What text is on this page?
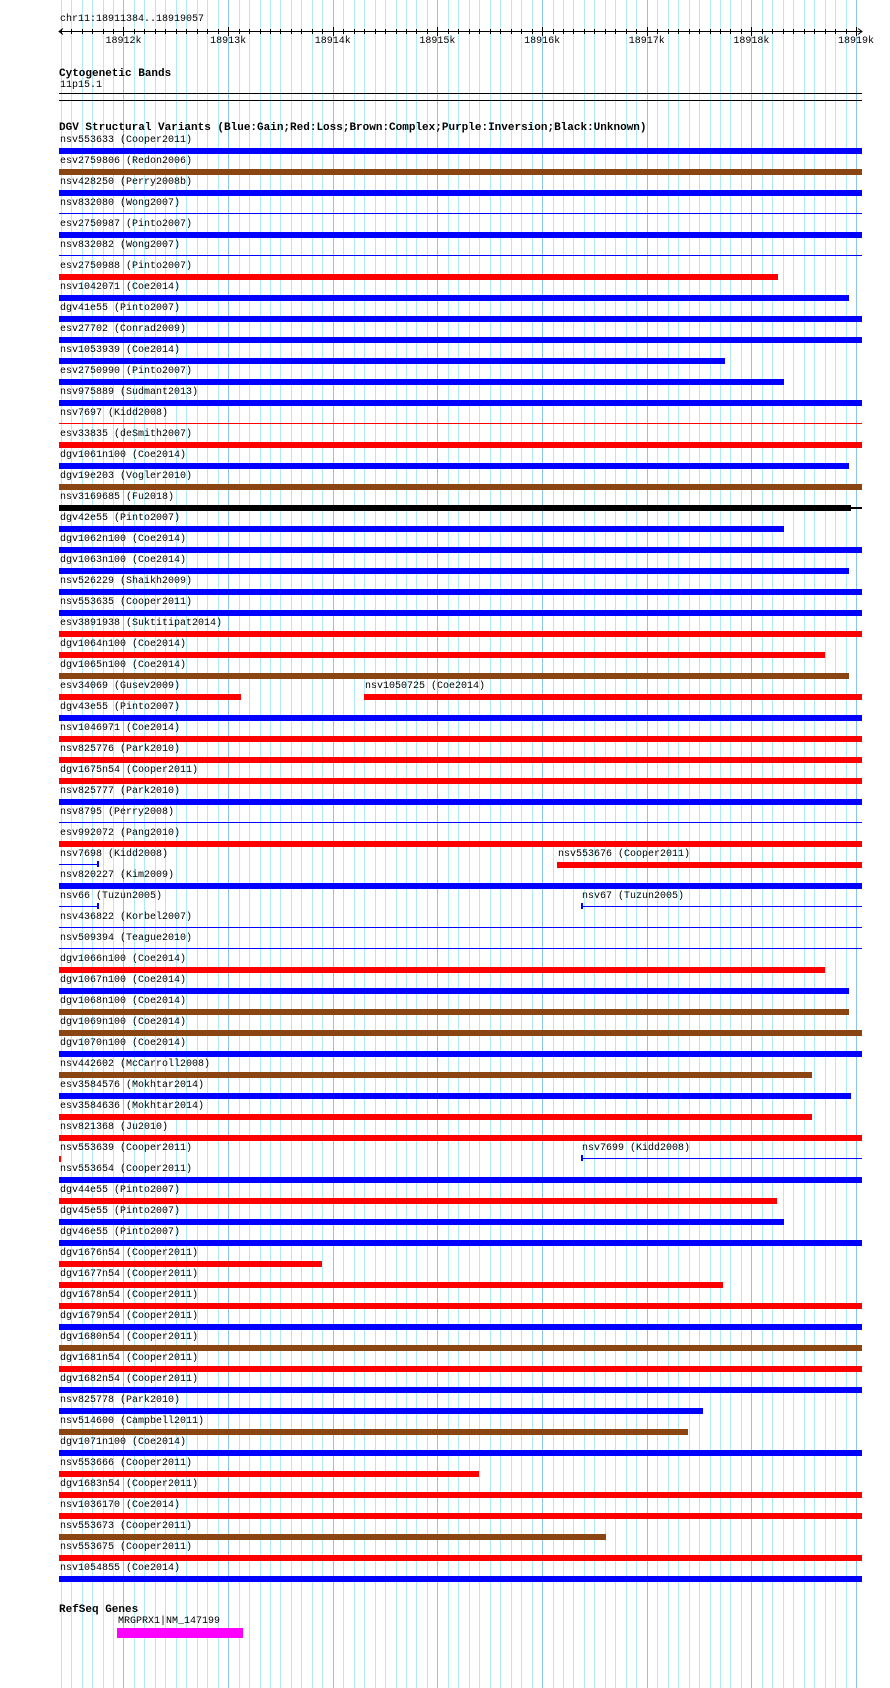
chr11:18911384..18919057
18912k	18913k	18914k	18915k	18916k	18917k	18918k	18919k
Cytogenetic Bands
11p15.1
DGV Structural Variants (Blue:Gain;Red:Loss;Brown:Complex;Purple:Inversion;Black:Unknown)
nsv553633 (Cooper2011)
esv2759806 (Redon2006)
nsv428250 (Perry2008b)
nsv832080 (Wong2007)
esv2750987 (Pinto2007)
nsv832082 (Wong2007)
esv2750988 (Pinto2007)
nsv1042071 (Coe2014)
dgv41e55 (Pinto2007)
esv27702 (Conrad2009)
nsv1053939 (Coe2014)
esv2750990 (Pinto2007)
nsv975889 (Sudmant2013)
nsv7697 (Kidd2008)
esv33835 (deSmith2007)
dgv1061n100 (Coe2014)
dgv19e203 (Vogler2010)
nsv3169685 (Fu2018)
dgv42e55 (Pinto2007)
dgv1062n100 (Coe2014)
dgv1063n100 (Coe2014)
nsv526229 (Shaikh2009)
nsv553635 (Cooper2011)
esv3891938 (Suktitipat2014)
dgv1064n100 (Coe2014)
dgv1065n100 (Coe2014)
esv34069 (Gusev2009)	nsv1050725 (Coe2014)
dgv43e55 (Pinto2007)
nsv1046971 (Coe2014)
nsv825776 (Park2010)
dgv1675n54 (Cooper2011)
nsv825777 (Park2010)
nsv8795 (Perry2008)
esv992072 (Pang2010)
nsv7698 (Kidd2008)	nsv553676 (Cooper2011)
nsv820227 (Kim2009)
nsv66 (Tuzun2005)	nsv67 (Tuzun2005)
nsv436822 (Korbel2007)
nsv509394 (Teague2010)
dgv1066n100 (Coe2014)
dgv1067n100 (Coe2014)
dgv1068n100 (Coe2014)
dgv1069n100 (Coe2014)
dgv1070n100 (Coe2014)
nsv442602 (McCarroll2008)
esv3584576 (Mokhtar2014)
esv3584636 (Mokhtar2014)
nsv821368 (Ju2010)
nsv553639 (Cooper2011)	nsv7699 (Kidd2008)
nsv553654 (Cooper2011)
dgv44e55 (Pinto2007)
dgv45e55 (Pinto2007)
dgv46e55 (Pinto2007)
dgv1676n54 (Cooper2011)
dgv1677n54 (Cooper2011)
dgv1678n54 (Cooper2011)
dgv1679n54 (Cooper2011)
dgv1680n54 (Cooper2011)
dgv1681n54 (Cooper2011)
dgv1682n54 (Cooper2011)
nsv825778 (Park2010)
nsv514600 (Campbell2011)
dgv1071n100 (Coe2014)
nsv553666 (Cooper2011)
dgv1683n54 (Cooper2011)
nsv1036170 (Coe2014)
nsv553673 (Cooper2011)
nsv553675 (Cooper2011)
nsv1054855 (Coe2014)
RefSeq Genes
MRGPRX1|NM_147199
